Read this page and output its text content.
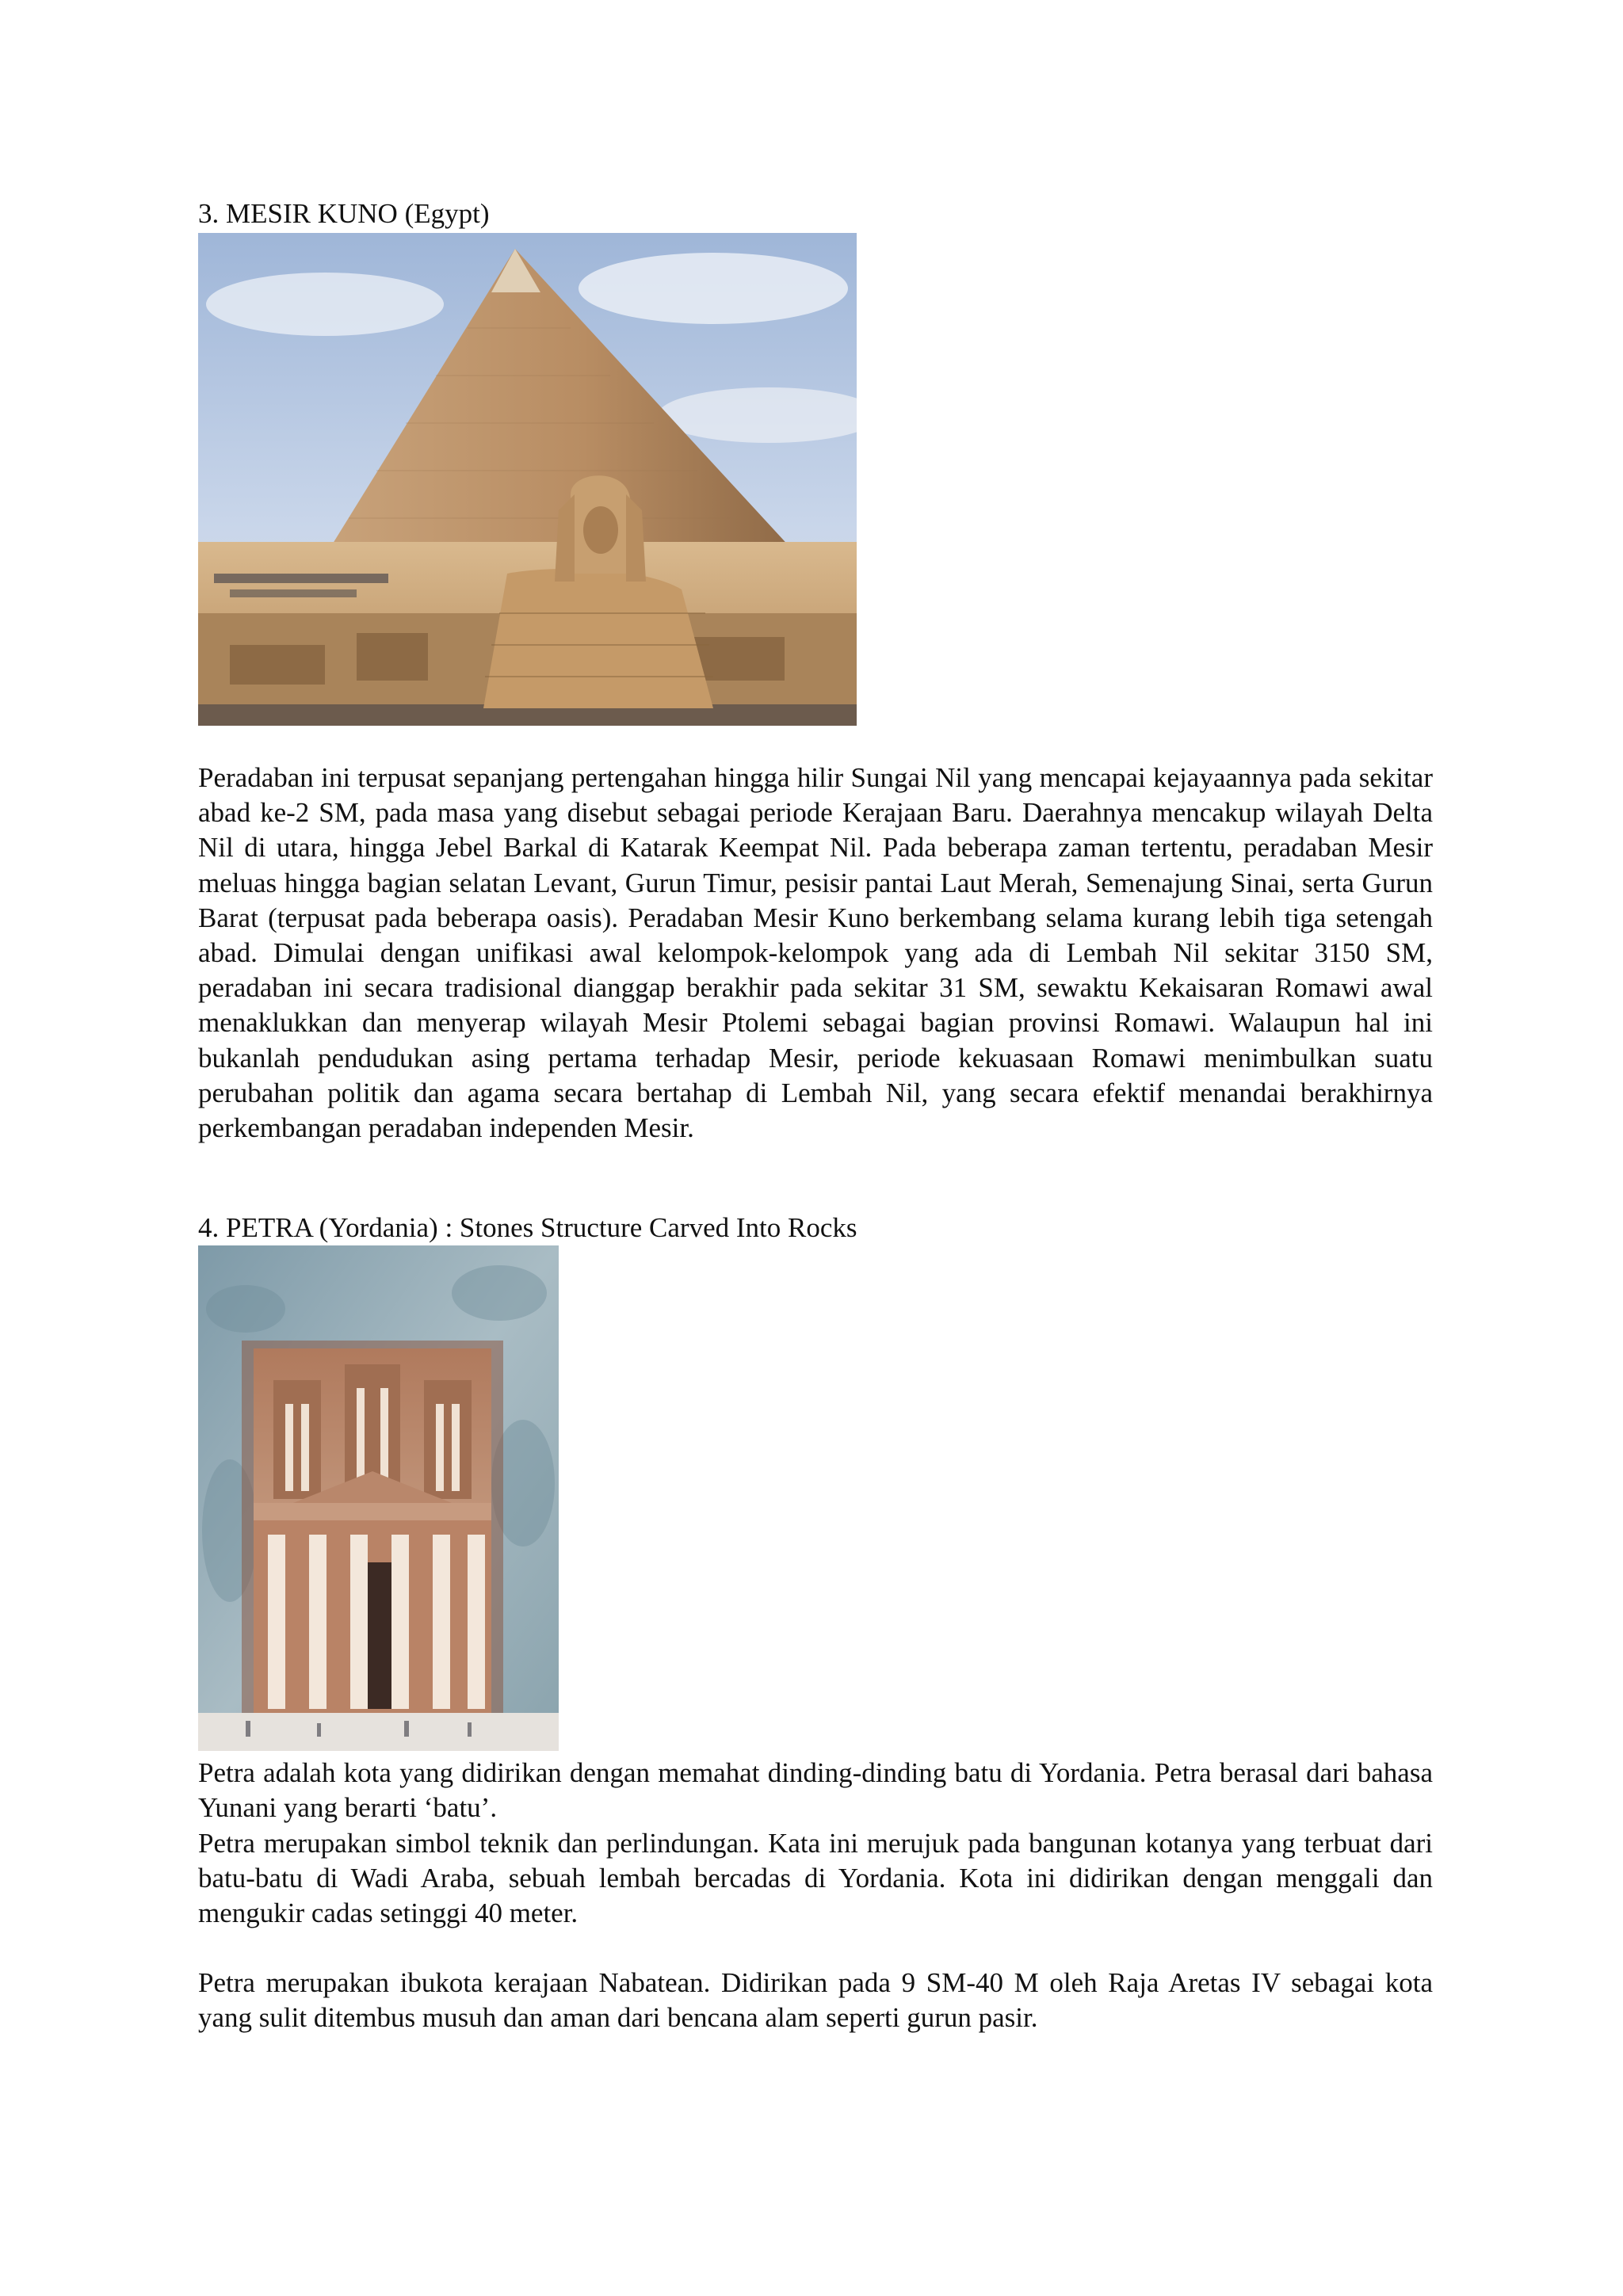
3. MESIR KUNO (Egypt)
Peradaban ini terpusat sepanjang pertengahan hingga hilir Sungai Nil yang mencapai kejayaannya pada sekitar abad ke-2 SM, pada masa yang disebut sebagai periode Kerajaan Baru. Daerahnya mencakup wilayah Delta Nil di utara, hingga Jebel Barkal di Katarak Keempat Nil. Pada beberapa zaman tertentu, peradaban Mesir meluas hingga bagian selatan Levant, Gurun Timur, pesisir pantai Laut Merah, Semenajung Sinai, serta Gurun Barat (terpusat pada beberapa oasis). Peradaban Mesir Kuno berkembang selama kurang lebih tiga setengah abad. Dimulai dengan unifikasi awal kelompok-kelompok yang ada di Lembah Nil sekitar 3150 SM, peradaban ini secara tradisional dianggap berakhir pada sekitar 31 SM, sewaktu Kekaisaran Romawi awal menaklukkan dan menyerap wilayah Mesir Ptolemi sebagai bagian provinsi Romawi. Walaupun hal ini bukanlah pendudukan asing pertama terhadap Mesir, periode kekuasaan Romawi menimbulkan suatu perubahan politik dan agama secara bertahap di Lembah Nil, yang secara efektif menandai berakhirnya perkembangan peradaban independen Mesir.
4. PETRA (Yordania) : Stones Structure Carved Into Rocks
Petra adalah kota yang didirikan dengan memahat dinding-dinding batu di Yordania. Petra berasal dari bahasa Yunani yang berarti ‘batu’.
Petra merupakan simbol teknik dan perlindungan. Kata ini merujuk pada bangunan kotanya yang terbuat dari batu-batu di Wadi Araba, sebuah lembah bercadas di Yordania. Kota ini didirikan dengan menggali dan mengukir cadas setinggi 40 meter.
Petra merupakan ibukota kerajaan Nabatean. Didirikan pada 9 SM-40 M oleh Raja Aretas IV sebagai kota yang sulit ditembus musuh dan aman dari bencana alam seperti gurun pasir.
